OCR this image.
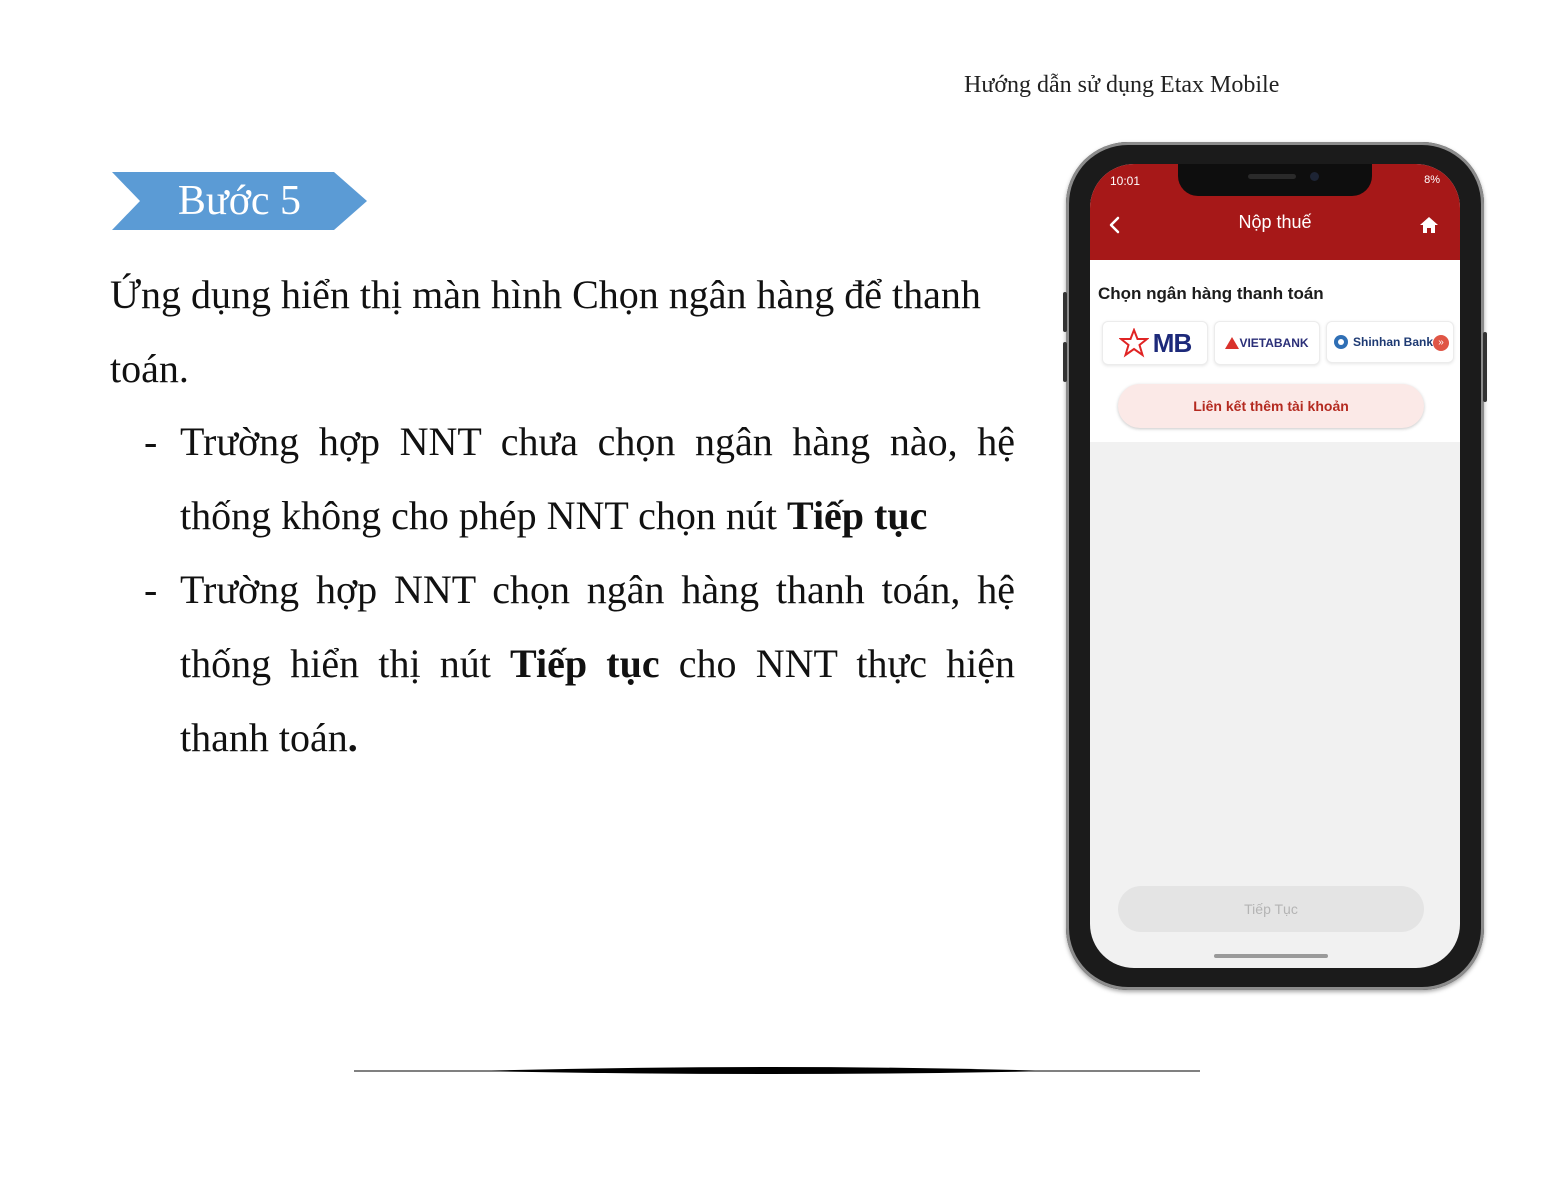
Hướng dẫn sử dụng Etax Mobile
Bước 5

Ứng dụng hiển thị màn hình Chọn ngân hàng để thanh toán.

- Trường hợp NNT chưa chọn ngân hàng nào, hệ thống không cho phép NNT chọn nút Tiếp tục
- Trường hợp NNT chọn ngân hàng thanh toán, hệ thống hiển thị nút Tiếp tục cho NNT thực hiện thanh toán.
10:01	8%
Nộp thuế
Chọn ngân hàng thanh toán
MB	VIETABANK	Shinhan Bank »
Liên kết thêm tài khoản
Tiếp Tục
